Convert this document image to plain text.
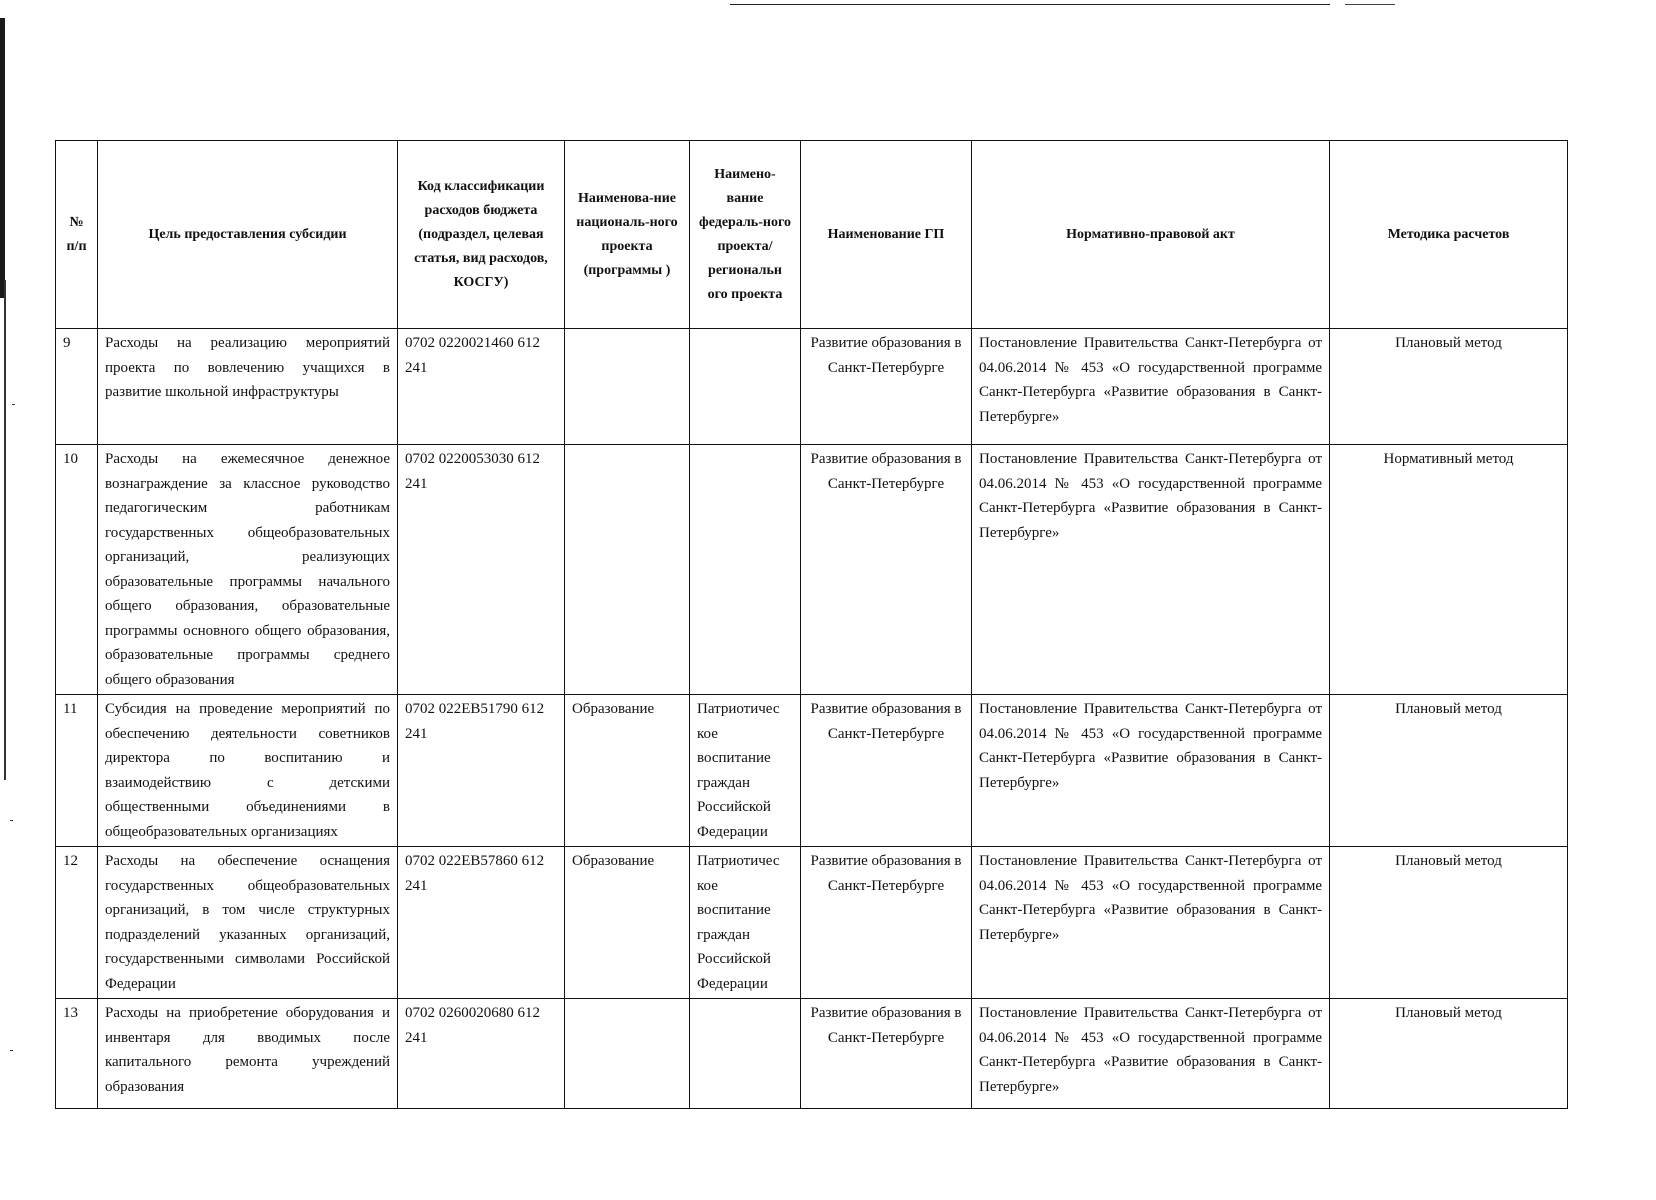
№ п/п	Цель предоставления субсидии	Код классификации расходов бюджета (подраздел, целевая статья, вид расходов, КОСГУ)	Наименова-ние националь-ного проекта (программы )	Наимено-вание федераль-ного проекта/ региональн ого проекта	Наименование ГП	Нормативно-правовой акт	Методика расчетов
9	Расходы на реализацию мероприятий проекта по вовлечению учащихся в развитие школьной инфраструктуры	0702 0220021460 612 241			Развитие образования в Санкт-Петербурге	Постановление Правительства Санкт-Петербурга от 04.06.2014 № 453 «О государственной программе Санкт-Петербурга «Развитие образования в Санкт-Петербурге»	Плановый метод
10	Расходы на ежемесячное денежное вознаграждение за классное руководство педагогическим работникам государственных общеобразовательных организаций, реализующих образовательные программы начального общего образования, образовательные программы основного общего образования, образовательные программы среднего общего образования	0702 0220053030 612 241			Развитие образования в Санкт-Петербурге	Постановление Правительства Санкт-Петербурга от 04.06.2014 № 453 «О государственной программе Санкт-Петербурга «Развитие образования в Санкт-Петербурге»	Нормативный метод
11	Субсидия на проведение мероприятий по обеспечению деятельности советников директора по воспитанию и взаимодействию с детскими общественными объединениями в общеобразовательных организациях	0702 022EB51790 612 241	Образование	Патриотичес кое воспитание граждан Российской Федерации	Развитие образования в Санкт-Петербурге	Постановление Правительства Санкт-Петербурга от 04.06.2014 № 453 «О государственной программе Санкт-Петербурга «Развитие образования в Санкт-Петербурге»	Плановый метод
12	Расходы на обеспечение оснащения государственных общеобразовательных организаций, в том числе структурных подразделений указанных организаций, государственными символами Российской Федерации	0702 022EB57860 612 241	Образование	Патриотичес кое воспитание граждан Российской Федерации	Развитие образования в Санкт-Петербурге	Постановление Правительства Санкт-Петербурга от 04.06.2014 № 453 «О государственной программе Санкт-Петербурга «Развитие образования в Санкт-Петербурге»	Плановый метод
13	Расходы на приобретение оборудования и инвентаря для вводимых после капитального ремонта учреждений образования	0702 0260020680 612 241			Развитие образования в Санкт-Петербурге	Постановление Правительства Санкт-Петербурга от 04.06.2014 № 453 «О государственной программе Санкт-Петербурга «Развитие образования в Санкт-Петербурге»	Плановый метод
